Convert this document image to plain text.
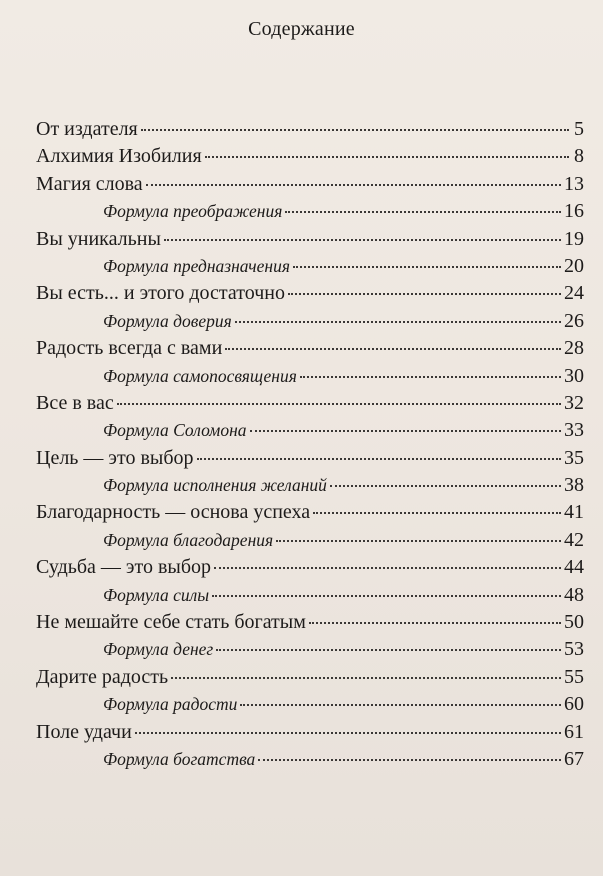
Содержание
От издателя	5
Алхимия Изобилия	8
Магия слова	13
Формула преображения	16
Вы уникальны	19
Формула предназначения	20
Вы есть... и этого достаточно	24
Формула доверия	26
Радость всегда с вами	28
Формула самопосвящения	30
Все в вас	32
Формула Соломона	33
Цель — это выбор	35
Формула исполнения желаний	38
Благодарность — основа успеха	41
Формула благодарения	42
Судьба — это выбор	44
Формула силы	48
Не мешайте себе стать богатым	50
Формула денег	53
Дарите радость	55
Формула радости	60
Поле удачи	61
Формула богатства	67
